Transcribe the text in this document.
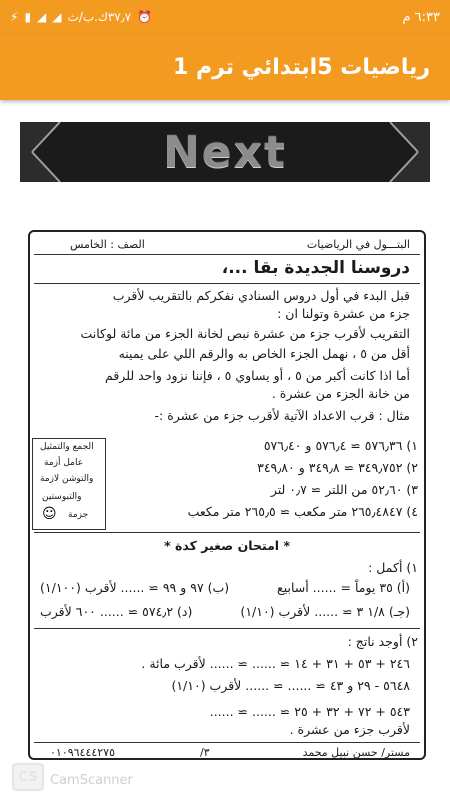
⚡ ▮ ◢ ◢ ٣٧٫٧ك.ب/ث ⏰	٦:٣٣ م
رياضيات 5ابتدائي ترم 1
Next
البتـــول في الرياضيات
الصف : الخامس
دروسنا الجديدة بقا ...،
قبل البدء في أول دروس السنادي نفكركم بالتقريب لأقرب
جزء من عشرة وتولنا ان :
التقريب لأقرب جزء من عشرة نبص لخانة الجزء من مائة لوكانت
أقل من ٥ ، نهمل الجزء الخاص به والرقم اللي على يمينه
أما اذا كانت أكبر من ٥ ، أو يساوي ٥ ، فإننا نزود واحد للرقم
من خانة الجزء من عشرة .
مثال : قرب الاعداد الآتية لأقرب جزء من عشرة :-
الجمع والتمثيل
عامل أزمة
والتوشن لازمة
والتبوستين
جزمة
☺
١) ٥٧٦٫٣٦ ≃ ٥٧٦٫٤ و ٥٧٦٫٤٠
٢) ٣٤٩٫٧٥٢ ≃ ٣٤٩٫٨ و ٣٤٩٫٨٠
٣) ٥٢٫٦٠ من اللتر ≃ ٠٫٧ لتر
٤) ٢٦٥٫٤٨٤٧ متر مكعب ≃ ٢٦٥٫٥ متر مكعب
* امتحان صغير كدة *
١) أكمل :
(أ) ٣٥ يوماً = ...... أسابيع
(ب) ٩٧ و ٩٩ ≃ ...... لأقرب (١/١٠٠)
(جـ) ١/٨ ٣ ≃ ...... لأقرب (١/١٠)
(د) ٥٧٤٫٢ ≃ ...... ٦٠٠ لأقرب
٢) أوجد ناتج :
٢٤٦ + ٥٣ + ٣١ + ١٤ ≃ ...... ≃ ...... لأقرب مائة .
٥٦٤٨ - ٢٩ و ٤٣ ≃ ...... ≃ ...... لأقرب (١/١٠)
٥٤٣ + ٧٢ + ٣٢ + ٢٥ ≃ ...... ≃ ......
لأقرب جزء من عشرة .
مستر/ حسن نبيل محمد
٣/
٠١٠٩٦٤٤٤٢٧٥
CS CamScanner
